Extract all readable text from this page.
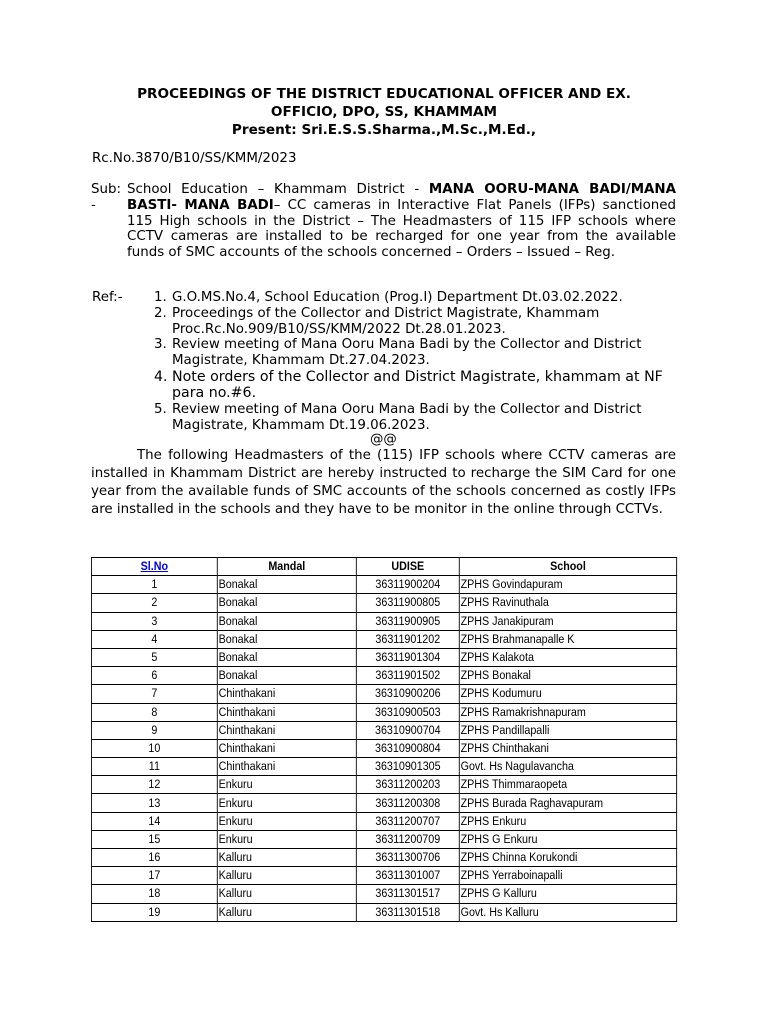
PROCEEDINGS OF THE DISTRICT EDUCATIONAL OFFICER AND EX.
OFFICIO, DPO, SS, KHAMMAM
Present: Sri.E.S.S.Sharma.,M.Sc.,M.Ed.,
Rc.No.3870/B10/SS/KMM/2023
Sub:
-
School Education – Khammam District - MANA OORU-MANA BADI/MANA BASTI- MANA BADI– CC cameras in Interactive Flat Panels (IFPs) sanctioned 115 High schools in the District – The Headmasters of 115 IFP schools where CCTV cameras are installed to be recharged for one year from the available funds of SMC accounts of the schools concerned – Orders – Issued – Reg.
Ref:- 1. G.O.MS.No.4, School Education (Prog.I) Department Dt.03.02.2022.
2. Proceedings of the Collector and District Magistrate, Khammam Proc.Rc.No.909/B10/SS/KMM/2022 Dt.28.01.2023.
3. Review meeting of Mana Ooru Mana Badi by the Collector and District Magistrate, Khammam Dt.27.04.2023.
4. Note orders of the Collector and District Magistrate, khammam at NF para no.#6.
5. Review meeting of Mana Ooru Mana Badi by the Collector and District Magistrate, Khammam Dt.19.06.2023.
@@
The following Headmasters of the (115) IFP schools where CCTV cameras are installed in Khammam District are hereby instructed to recharge the SIM Card for one year from the available funds of SMC accounts of the schools concerned as costly IFPs are installed in the schools and they have to be monitor in the online through CCTVs.
Sl.No	Mandal	UDISE	School
1	Bonakal	36311900204	ZPHS Govindapuram
2	Bonakal	36311900805	ZPHS Ravinuthala
3	Bonakal	36311900905	ZPHS Janakipuram
4	Bonakal	36311901202	ZPHS Brahmanapalle K
5	Bonakal	36311901304	ZPHS Kalakota
6	Bonakal	36311901502	ZPHS Bonakal
7	Chinthakani	36310900206	ZPHS Kodumuru
8	Chinthakani	36310900503	ZPHS Ramakrishnapuram
9	Chinthakani	36310900704	ZPHS Pandillapalli
10	Chinthakani	36310900804	ZPHS Chinthakani
11	Chinthakani	36310901305	Govt. Hs Nagulavancha
12	Enkuru	36311200203	ZPHS Thimmaraopeta
13	Enkuru	36311200308	ZPHS Burada Raghavapuram
14	Enkuru	36311200707	ZPHS Enkuru
15	Enkuru	36311200709	ZPHS G Enkuru
16	Kalluru	36311300706	ZPHS Chinna Korukondi
17	Kalluru	36311301007	ZPHS Yerraboinapalli
18	Kalluru	36311301517	ZPHS G Kalluru
19	Kalluru	36311301518	Govt. Hs Kalluru
